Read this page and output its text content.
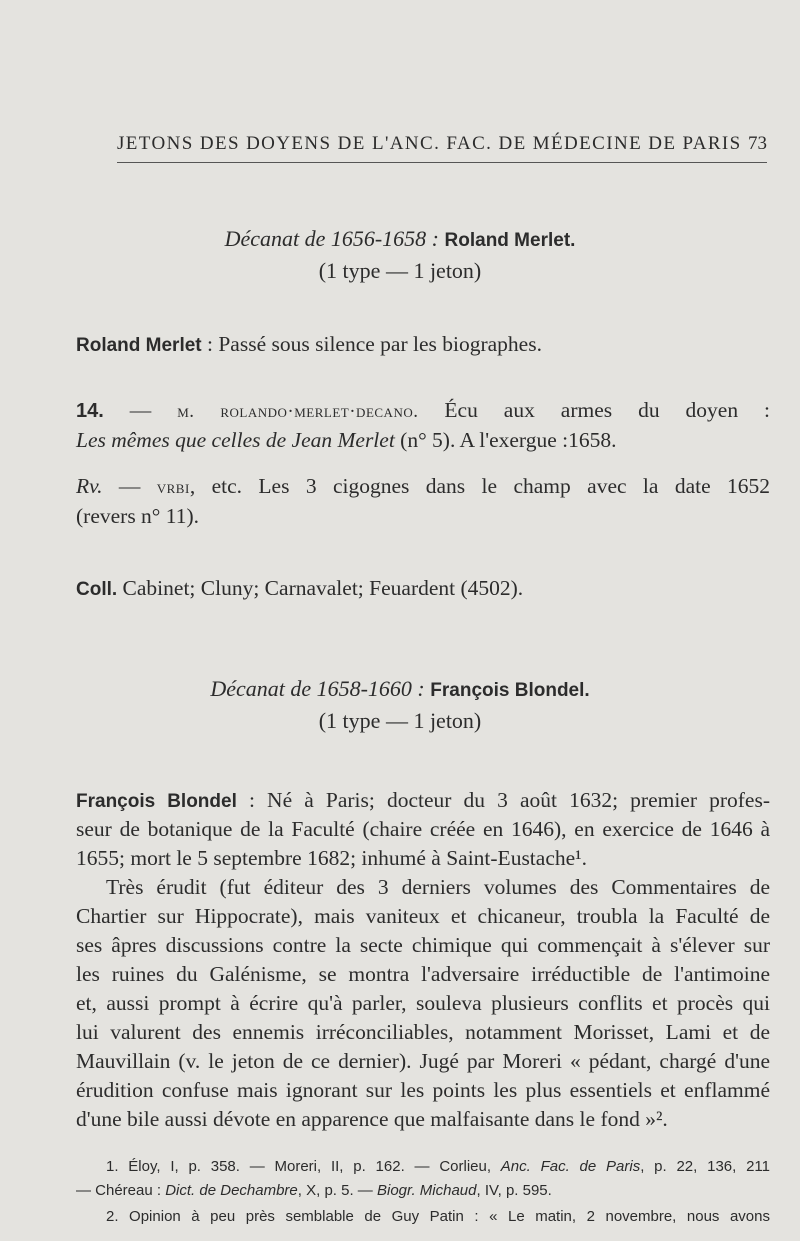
JETONS DES DOYENS DE L'ANC. FAC. DE MÉDECINE DE PARIS 73
Décanat de 1656-1658 : Roland Merlet.
(1 type — 1 jeton)
Roland Merlet : Passé sous silence par les biographes.
14. — m. rolando·merlet·decano. Écu aux armes du doyen :
Les mêmes que celles de Jean Merlet (n° 5). A l'exergue :1658.
Rv. — vrbi, etc. Les 3 cigognes dans le champ avec la date 1652
(revers n° 11).
Coll. Cabinet; Cluny; Carnavalet; Feuardent (4502).
Décanat de 1658-1660 : François Blondel.
(1 type — 1 jeton)
François Blondel : Né à Paris; docteur du 3 août 1632; premier profes-
seur de botanique de la Faculté (chaire créée en 1646), en exercice de 1646 à
1655; mort le 5 septembre 1682; inhumé à Saint-Eustache¹.
Très érudit (fut éditeur des 3 derniers volumes des Commentaires de
Chartier sur Hippocrate), mais vaniteux et chicaneur, troubla la Faculté de
ses âpres discussions contre la secte chimique qui commençait à s'élever sur
les ruines du Galénisme, se montra l'adversaire irréductible de l'antimoine
et, aussi prompt à écrire qu'à parler, souleva plusieurs conflits et procès qui
lui valurent des ennemis irréconciliables, notamment Morisset, Lami et de
Mauvillain (v. le jeton de ce dernier). Jugé par Moreri « pédant, chargé d'une
érudition confuse mais ignorant sur les points les plus essentiels et enflammé
d'une bile aussi dévote en apparence que malfaisante dans le fond »².
1. Éloy, I, p. 358. — Moreri, II, p. 162. — Corlieu, Anc. Fac. de Paris, p. 22, 136, 211
— Chéreau : Dict. de Dechambre, X, p. 5. — Biogr. Michaud, IV, p. 595.
2. Opinion à peu près semblable de Guy Patin : « Le matin, 2 novembre, nous avons
